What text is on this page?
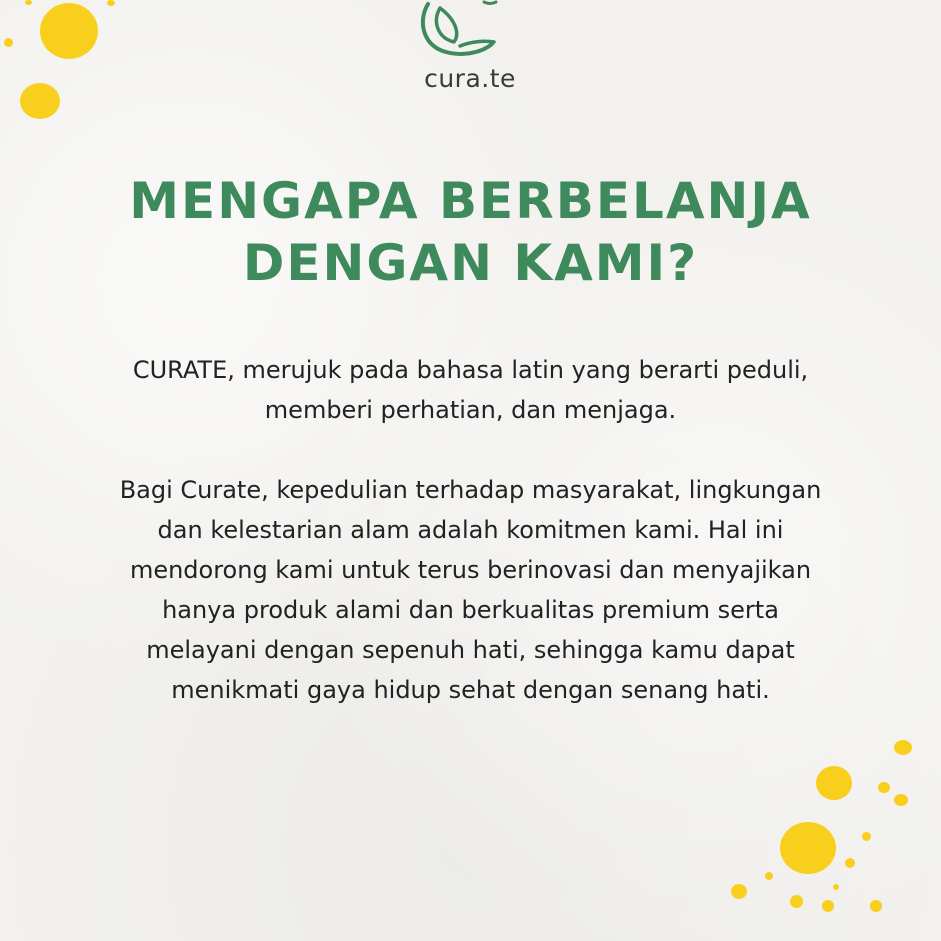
cura.te
MENGAPA BERBELANJA
DENGAN KAMI?
CURATE, merujuk pada bahasa latin yang berarti peduli,
memberi perhatian, dan menjaga.
Bagi Curate, kepedulian terhadap masyarakat, lingkungan
dan kelestarian alam adalah komitmen kami. Hal ini
mendorong kami untuk terus berinovasi dan menyajikan
hanya produk alami dan berkualitas premium serta
melayani dengan sepenuh hati, sehingga kamu dapat
menikmati gaya hidup sehat dengan senang hati.
